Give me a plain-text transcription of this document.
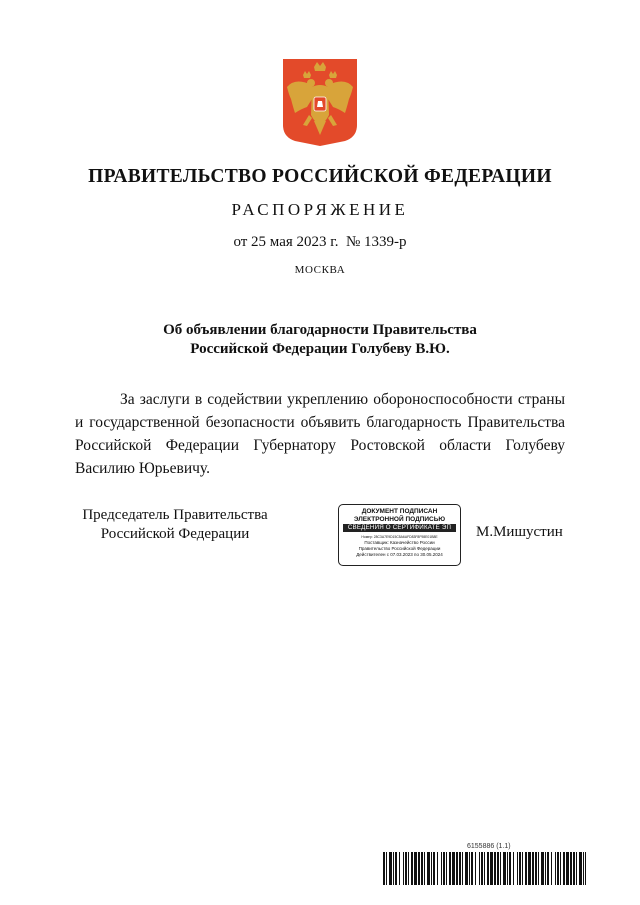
ПРАВИТЕЛЬСТВО РОССИЙСКОЙ ФЕДЕРАЦИИ
РАСПОРЯЖЕНИЕ
от 25 мая 2023 г.  № 1339-р
МОСКВА
Об объявлении благодарности Правительства
Российской Федерации Голубеву В.Ю.
За заслуги в содействии укреплению обороноспособности страны и государственной безопасности объявить благодарность Правительства Российской Федерации Губернатору Ростовской области Голубеву Василию Юрьевичу.
Председатель Правительства
Российской Федерации
ДОКУМЕНТ ПОДПИСАН
ЭЛЕКТРОННОЙ ПОДПИСЬЮ
СВЕДЕНИЯ О СЕРТИФИКАТЕ ЭП
Номер: 28C3A7E9D15C5A6AFD83F8F98E01B8E
Поставщик: Казначейство России
Правительство Российской Федерации
Действителен с 07.03.2023 по 30.05.2024
М.Мишустин
6155886 (1.1)
